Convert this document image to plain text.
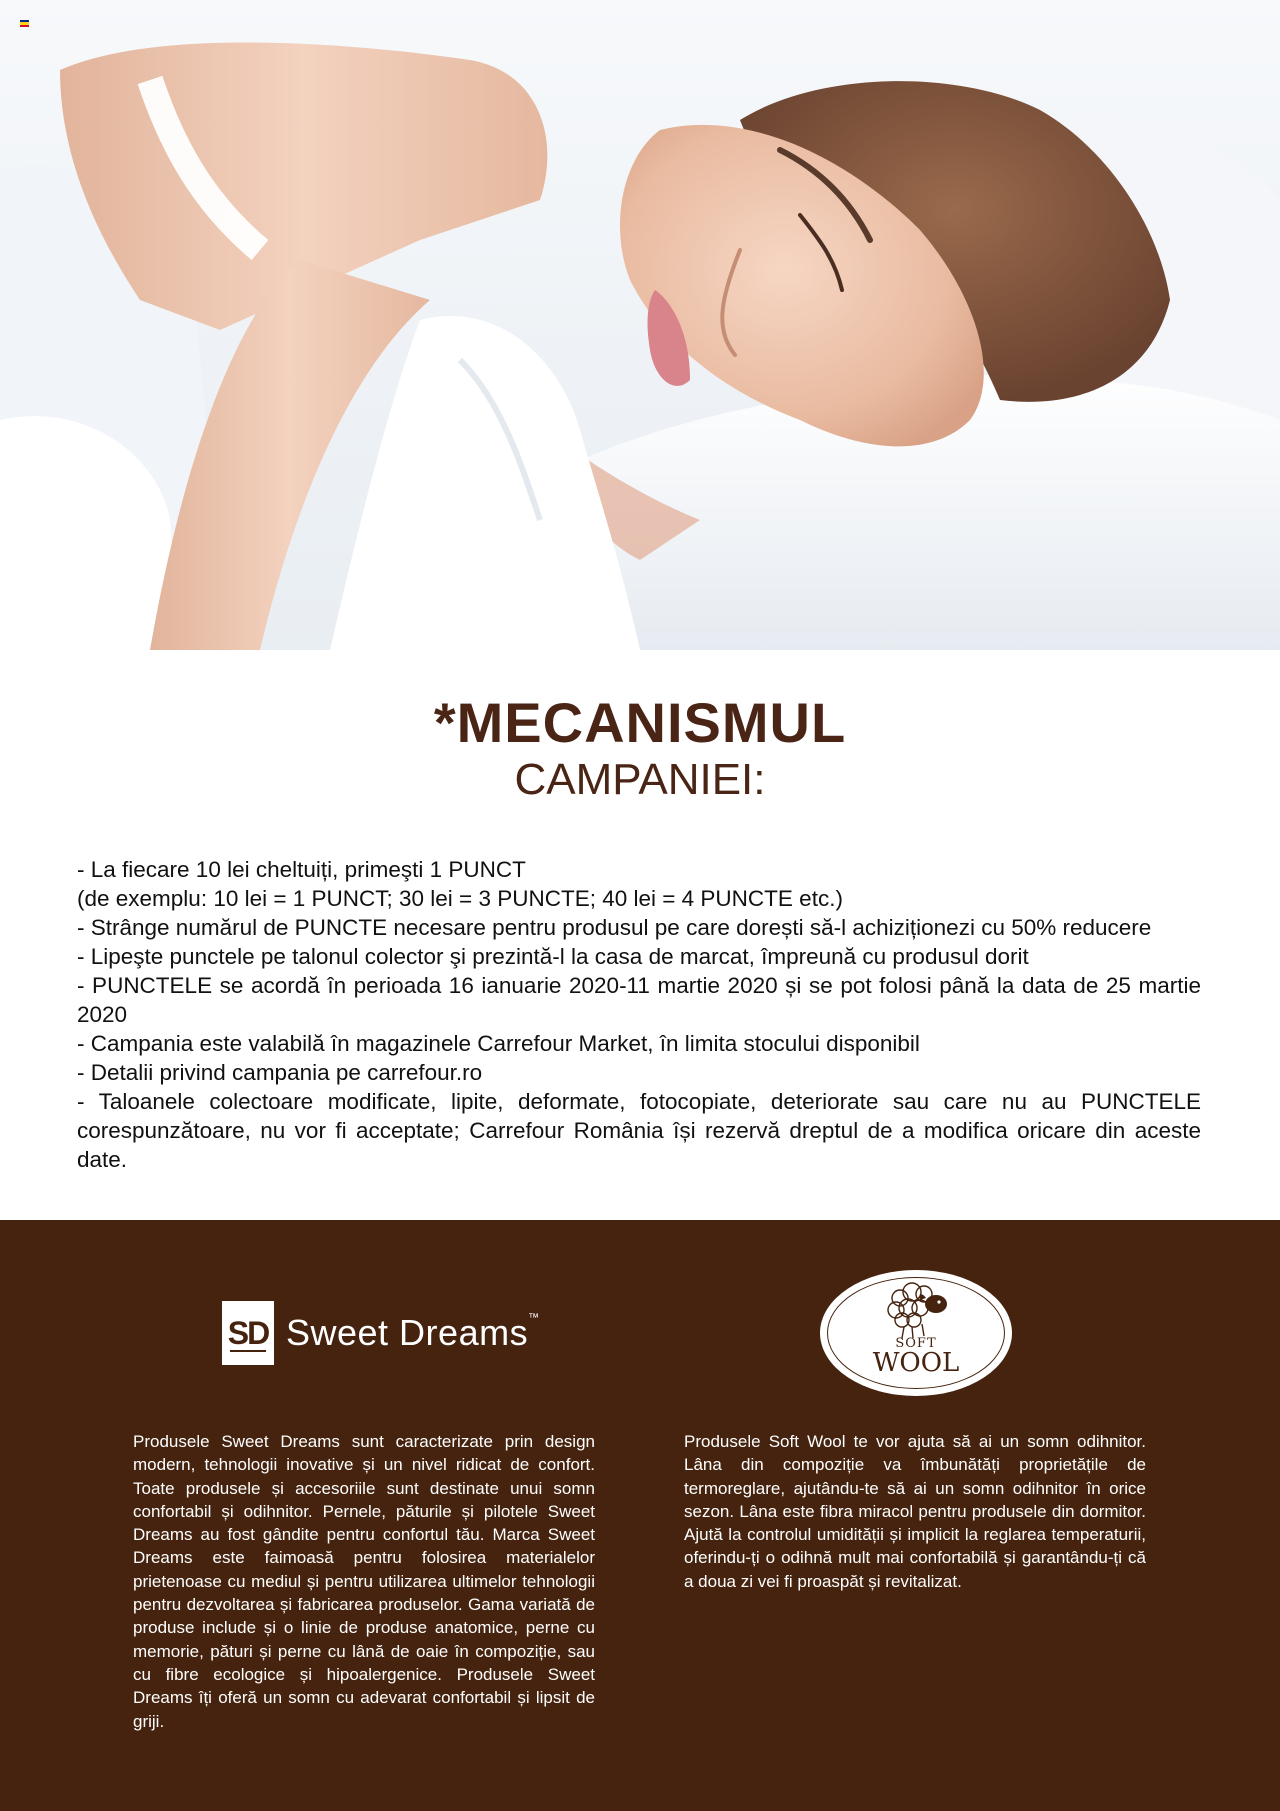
*MECANISMUL
CAMPANIEI:

- La fiecare 10 lei cheltuiți, primeşti 1 PUNCT

(de exemplu: 10 lei = 1 PUNCT; 30 lei = 3 PUNCTE; 40 lei = 4 PUNCTE etc.)

- Strânge numărul de PUNCTE necesare pentru produsul pe care dorești să-l achiziționezi cu 50% reducere

- Lipeşte punctele pe talonul colector şi prezintă-l la casa de marcat, împreună cu produsul dorit

- PUNCTELE se acordă în perioada 16 ianuarie 2020-11 martie 2020 și se pot folosi până la data de 25 martie 2020

- Campania este valabilă în magazinele Carrefour Market, în limita stocului disponibil

- Detalii privind campania pe carrefour.ro

- Taloanele colectoare modificate, lipite, deformate, fotocopiate, deteriorate sau care nu au PUNCTELE corespunzătoare, nu vor fi acceptate; Carrefour România își rezervă dreptul de a modifica oricare din aceste date.

SD Sweet Dreams ™
SOFT
WOOL
Produsele Sweet Dreams sunt caracterizate prin design modern, tehnologii inovative și un nivel ridicat de confort. Toate produsele și accesoriile sunt destinate unui somn confortabil și odihnitor. Pernele, păturile și pilotele Sweet Dreams au fost gândite pentru confortul tău. Marca Sweet Dreams este faimoasă pentru folosirea materialelor prietenoase cu mediul și pentru utilizarea ultimelor tehnologii pentru dezvoltarea și fabricarea produselor. Gama variată de produse include și o linie de produse anatomice, perne cu memorie, pături și perne cu lână de oaie în compoziție, sau cu fibre ecologice și hipoalergenice. Produsele Sweet Dreams îți oferă un somn cu adevarat confortabil și lipsit de griji.
Produsele Soft Wool te vor ajuta să ai un somn odihnitor. Lâna din compoziție va îmbunătăți proprietățile de termoreglare, ajutându-te să ai un somn odihnitor în orice sezon. Lâna este fibra miracol pentru produsele din dormitor. Ajută la controlul umidității și implicit la reglarea temperaturii, oferindu-ți o odihnă mult mai confortabilă și garantându-ți că a doua zi vei fi proaspăt și revitalizat.
